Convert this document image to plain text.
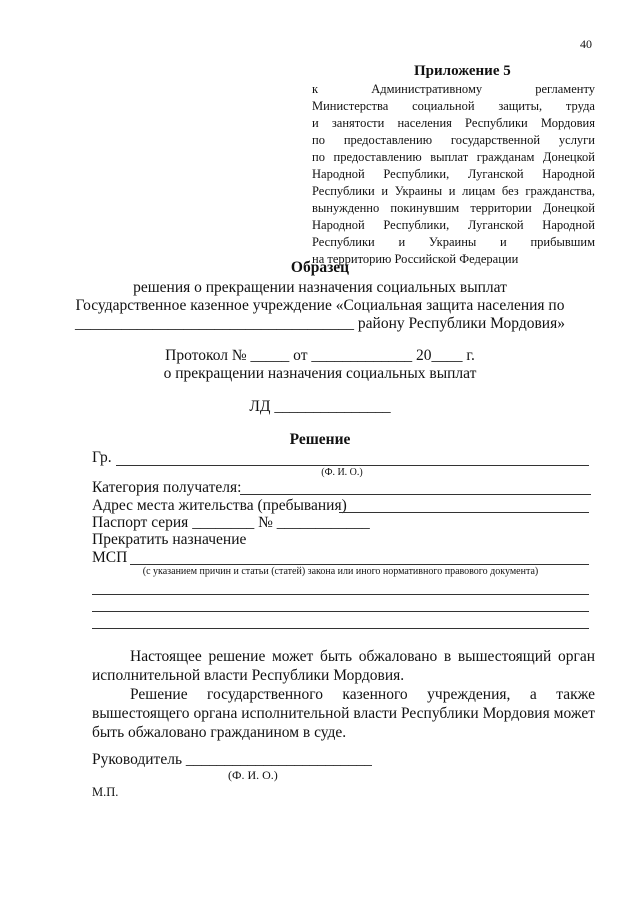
40
Приложение 5
к Административному регламенту
Министерства социальной защиты, труда
и занятости населения Республики Мордовия
по предоставлению государственной услуги
по предоставлению выплат гражданам Донецкой
Народной Республики, Луганской Народной
Республики и Украины и лицам без гражданства,
вынужденно покинувшим территории Донецкой
Народной Республики, Луганской Народной
Республики и Украины и прибывшим
на территорию Российской Федерации
Образец
решения о прекращении назначения социальных выплат
Государственное казенное учреждение «Социальная защита населения по
____________________________________ району Республики Мордовия»
Протокол № _____ от _____________ 20____ г.
о прекращении назначения социальных выплат
ЛД _______________
Решение
Гр.
(Ф. И. О.)
Категория получателя:
Адрес места жительства (пребывания)
Паспорт серия ________ № ____________
Прекратить назначение
МСП
(с указанием причин и статьи (статей) закона или иного нормативного правового документа)
Настоящее решение может быть обжаловано в вышестоящий орган
исполнительной власти Республики Мордовия.
Решение государственного казенного учреждения, а также
вышестоящего органа исполнительной власти Республики Мордовия может
быть обжаловано гражданином в суде.
Руководитель ________________________
(Ф. И. О.)
М.П.
